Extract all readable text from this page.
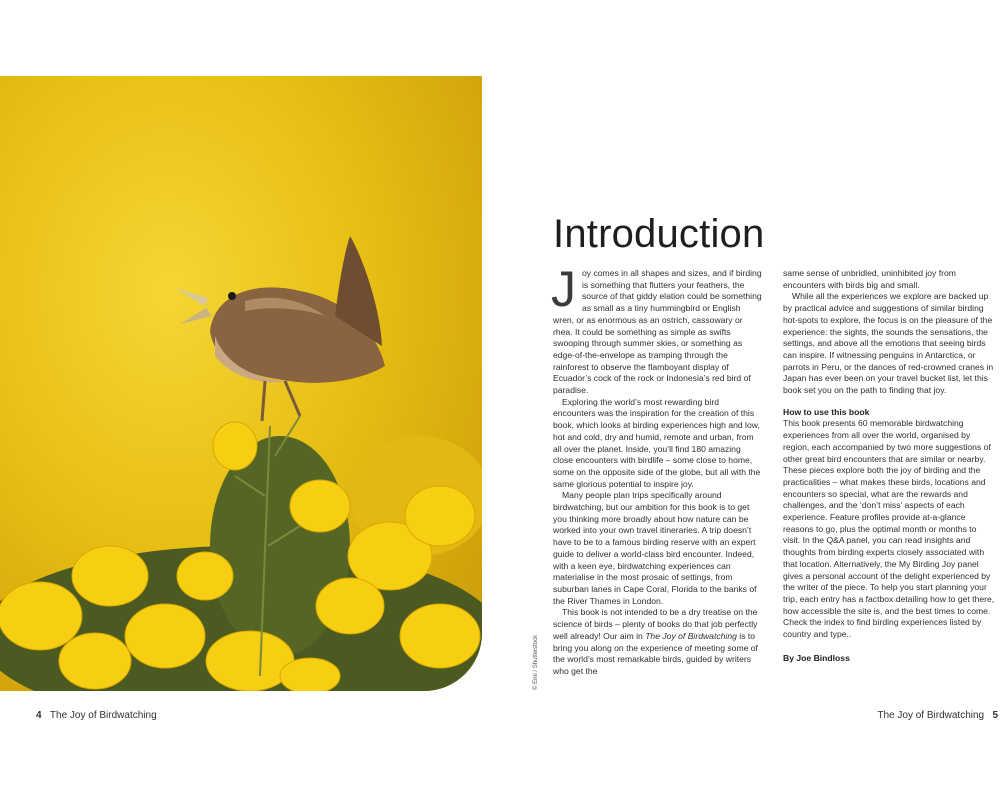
© Erni / Shutterstock
Introduction

Joy comes in all shapes and sizes, and if birding is something that flutters your feathers, the source of that giddy elation could be something as small as a tiny hummingbird or English wren, or as enormous as an ostrich, cassowary or rhea. It could be something as simple as swifts swooping through summer skies, or something as edge-of-the-envelope as tramping through the rainforest to observe the flamboyant display of Ecuador’s cock of the rock or Indonesia’s red bird of paradise.

Exploring the world’s most rewarding bird encounters was the inspiration for the creation of this book, which looks at birding experiences high and low, hot and cold, dry and humid, remote and urban, from all over the planet. Inside, you’ll find 180 amazing close encounters with birdlife – some close to home, some on the opposite side of the globe, but all with the same glorious potential to inspire joy.

Many people plan trips specifically around birdwatching, but our ambition for this book is to get you thinking more broadly about how nature can be worked into your own travel itineraries. A trip doesn’t have to be to a famous birding reserve with an expert guide to deliver a world-class bird encounter. Indeed, with a keen eye, birdwatching experiences can materialise in the most prosaic of settings, from suburban lanes in Cape Coral, Florida to the banks of the River Thames in London.

This book is not intended to be a dry treatise on the science of birds – plenty of books do that job perfectly well already! Our aim in The Joy of Birdwatching is to bring you along on the experience of meeting some of the world’s most remarkable birds, guided by writers who get the

same sense of unbridled, uninhibited joy from encounters with birds big and small.

While all the experiences we explore are backed up by practical advice and suggestions of similar birding hot-spots to explore, the focus is on the pleasure of the experience: the sights, the sounds the sensations, the settings, and above all the emotions that seeing birds can inspire. If witnessing penguins in Antarctica, or parrots in Peru, or the dances of red-crowned cranes in Japan has ever been on your travel bucket list, let this book set you on the path to finding that joy.

How to use this book

This book presents 60 memorable birdwatching experiences from all over the world, organised by region, each accompanied by two more suggestions of other great bird encounters that are similar or nearby. These pieces explore both the joy of birding and the practicalities – what makes these birds, locations and encounters so special, what are the rewards and challenges, and the ‘don’t miss’ aspects of each experience. Feature profiles provide at-a-glance reasons to go, plus the optimal month or months to visit. In the Q&A panel, you can read insights and thoughts from birding experts closely associated with that location. Alternatively, the My Birding Joy panel gives a personal account of the delight experienced by the writer of the piece. To help you start planning your trip, each entry has a factbox detailing how to get there, how accessible the site is, and the best times to come. Check the index to find birding experiences listed by country and type..

By Joe Bindloss

4 The Joy of Birdwatching	The Joy of Birdwatching 5
